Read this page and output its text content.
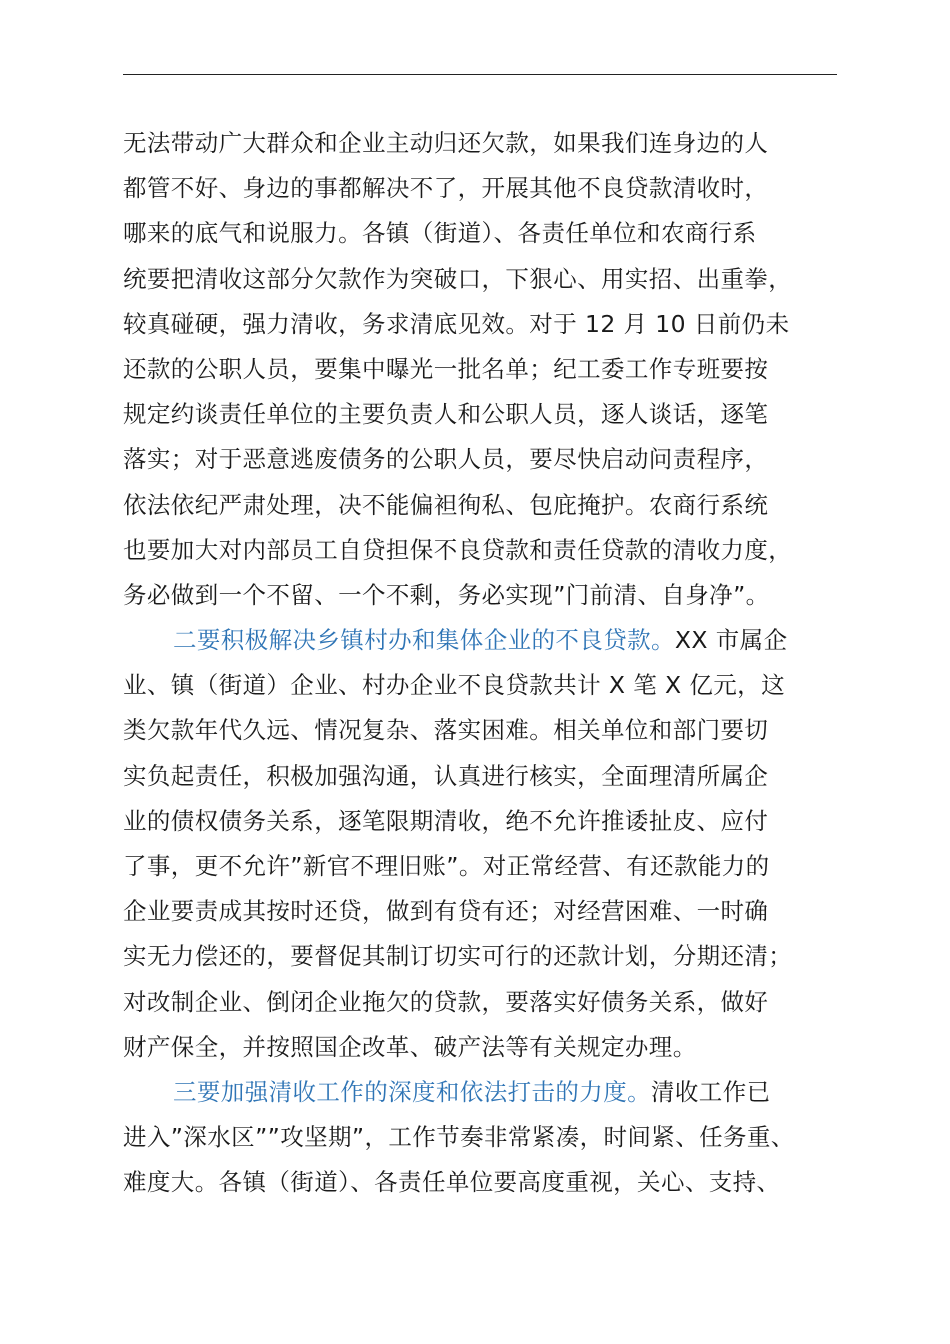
无法带动广大群众和企业主动归还欠款，如果我们连身边的人
都管不好、身边的事都解决不了，开展其他不良贷款清收时，
哪来的底气和说服力。各镇（街道）、各责任单位和农商行系
统要把清收这部分欠款作为突破口，下狠心、用实招、出重拳，
较真碰硬，强力清收，务求清底见效。对于 12 月 10 日前仍未
还款的公职人员，要集中曝光一批名单；纪工委工作专班要按
规定约谈责任单位的主要负责人和公职人员，逐人谈话，逐笔
落实；对于恶意逃废债务的公职人员，要尽快启动问责程序，
依法依纪严肃处理，决不能偏袒徇私、包庇掩护。农商行系统
也要加大对内部员工自贷担保不良贷款和责任贷款的清收力度，
务必做到一个不留、一个不剩，务必实现”门前清、自身净”。
二要积极解决乡镇村办和集体企业的不良贷款。XX 市属企
业、镇（街道）企业、村办企业不良贷款共计 X 笔 X 亿元，这
类欠款年代久远、情况复杂、落实困难。相关单位和部门要切
实负起责任，积极加强沟通，认真进行核实，全面理清所属企
业的债权债务关系，逐笔限期清收，绝不允许推诿扯皮、应付
了事，更不允许”新官不理旧账”。对正常经营、有还款能力的
企业要责成其按时还贷，做到有贷有还；对经营困难、一时确
实无力偿还的，要督促其制订切实可行的还款计划，分期还清；
对改制企业、倒闭企业拖欠的贷款，要落实好债务关系，做好
财产保全，并按照国企改革、破产法等有关规定办理。
三要加强清收工作的深度和依法打击的力度。清收工作已
进入”深水区””攻坚期”，工作节奏非常紧凑，时间紧、任务重、
难度大。各镇（街道）、各责任单位要高度重视，关心、支持、
